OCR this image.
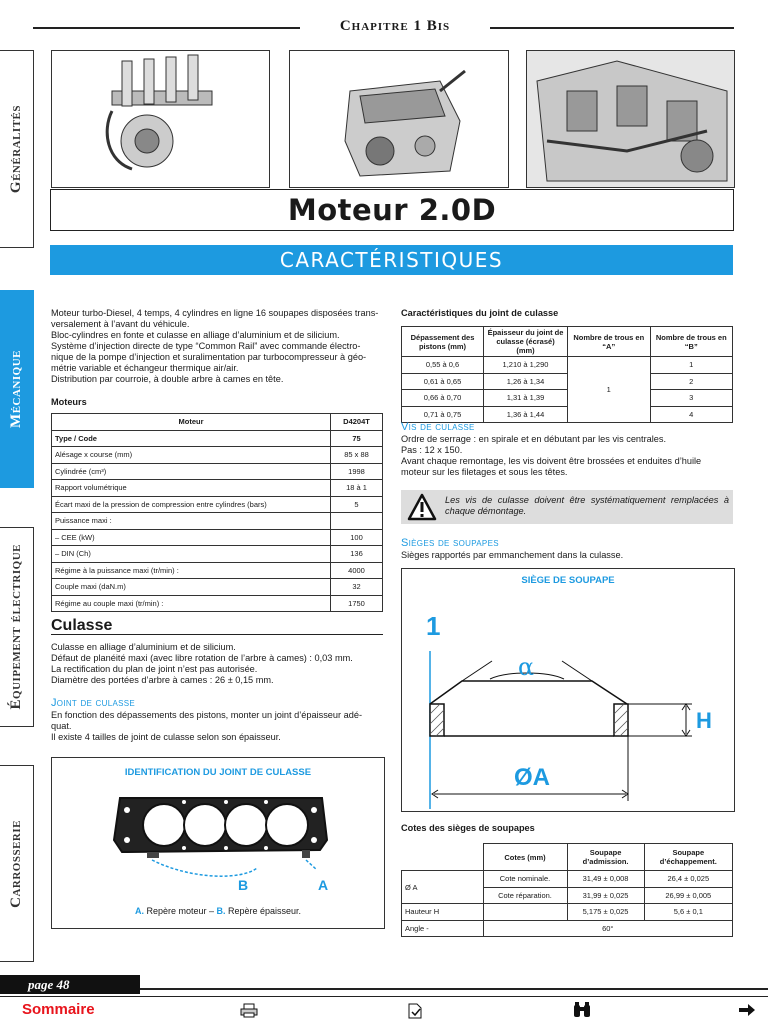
Chapitre 1 Bis
Généralités
Mécanique
Équipement électrique
Carrosserie
Moteur 2.0D
CARACTÉRISTIQUES
Moteur turbo-Diesel, 4 temps, 4 cylindres en ligne 16 soupapes disposées trans-
versalement à l’avant du véhicule.
Bloc-cylindres en fonte et culasse en alliage d’aluminium et de silicium.
Système d’injection directe de type “Common Rail” avec commande électro-
nique de la pompe d’injection et suralimentation par turbocompresseur à géo-
métrie variable et échangeur thermique air/air.
Distribution par courroie, à double arbre à cames en tête.
Moteurs
Moteur	D4204T
Type / Code	75
Alésage x course (mm)	85 x 88
Cylindrée (cm³)	1998
Rapport volumétrique	18 à 1
Écart maxi de la pression de compression entre cylindres (bars)	5
Puissance maxi :	
– CEE (kW)	100
– DIN (Ch)	136
Régime à la puissance maxi (tr/min) :	4000
Couple maxi (daN.m)	32
Régime au couple maxi (tr/min) :	1750
Culasse
Culasse en alliage d’aluminium et de silicium.
Défaut de planéité maxi (avec libre rotation de l’arbre à cames) : 0,03 mm.
La rectification du plan de joint n’est pas autorisée.
Diamètre des portées d’arbre à cames : 26 ± 0,15 mm.
Joint de culasse
En fonction des dépassements des pistons, monter un joint d’épaisseur adé-
quat.
Il existe 4 tailles de joint de culasse selon son épaisseur.
IDENTIFICATION DU JOINT DE CULASSE
B	A
A. Repère moteur – B. Repère épaisseur.
Caractéristiques du joint de culasse
Dépassement des pistons (mm)	Épaisseur du joint de culasse (écrasé) (mm)	Nombre de trous en “A”	Nombre de trous en “B”
0,55 à 0,6	1,210 à 1,290	1	1
0,61 à 0,65	1,26 à 1,34		2
0,66 à 0,70	1,31 à 1,39		3
0,71 à 0,75	1,36 à 1,44		4
Vis de culasse
Ordre de serrage : en spirale et en débutant par les vis centrales.
Pas : 12 x 150.
Avant chaque remontage, les vis doivent être brossées et enduites d’huile
moteur sur les filetages et sous les têtes.
Les vis de culasse doivent être systématiquement remplacées à chaque démontage.
Sièges de soupapes
Sièges rapportés par emmanchement dans la culasse.
SIÈGE DE SOUPAPE
1
α
H
ØA
Cotes des sièges de soupapes
	Cotes (mm)	Soupape d’admission.	Soupape d’échappement.
Ø A	Cote nominale.	31,49 ± 0,008	26,4 ± 0,025
	Cote réparation.	31,99 ± 0,025	26,99 ± 0,005
Hauteur H		5,175 ± 0,025	5,6 ± 0,1
Angle -	60°		
page 48
Sommaire
